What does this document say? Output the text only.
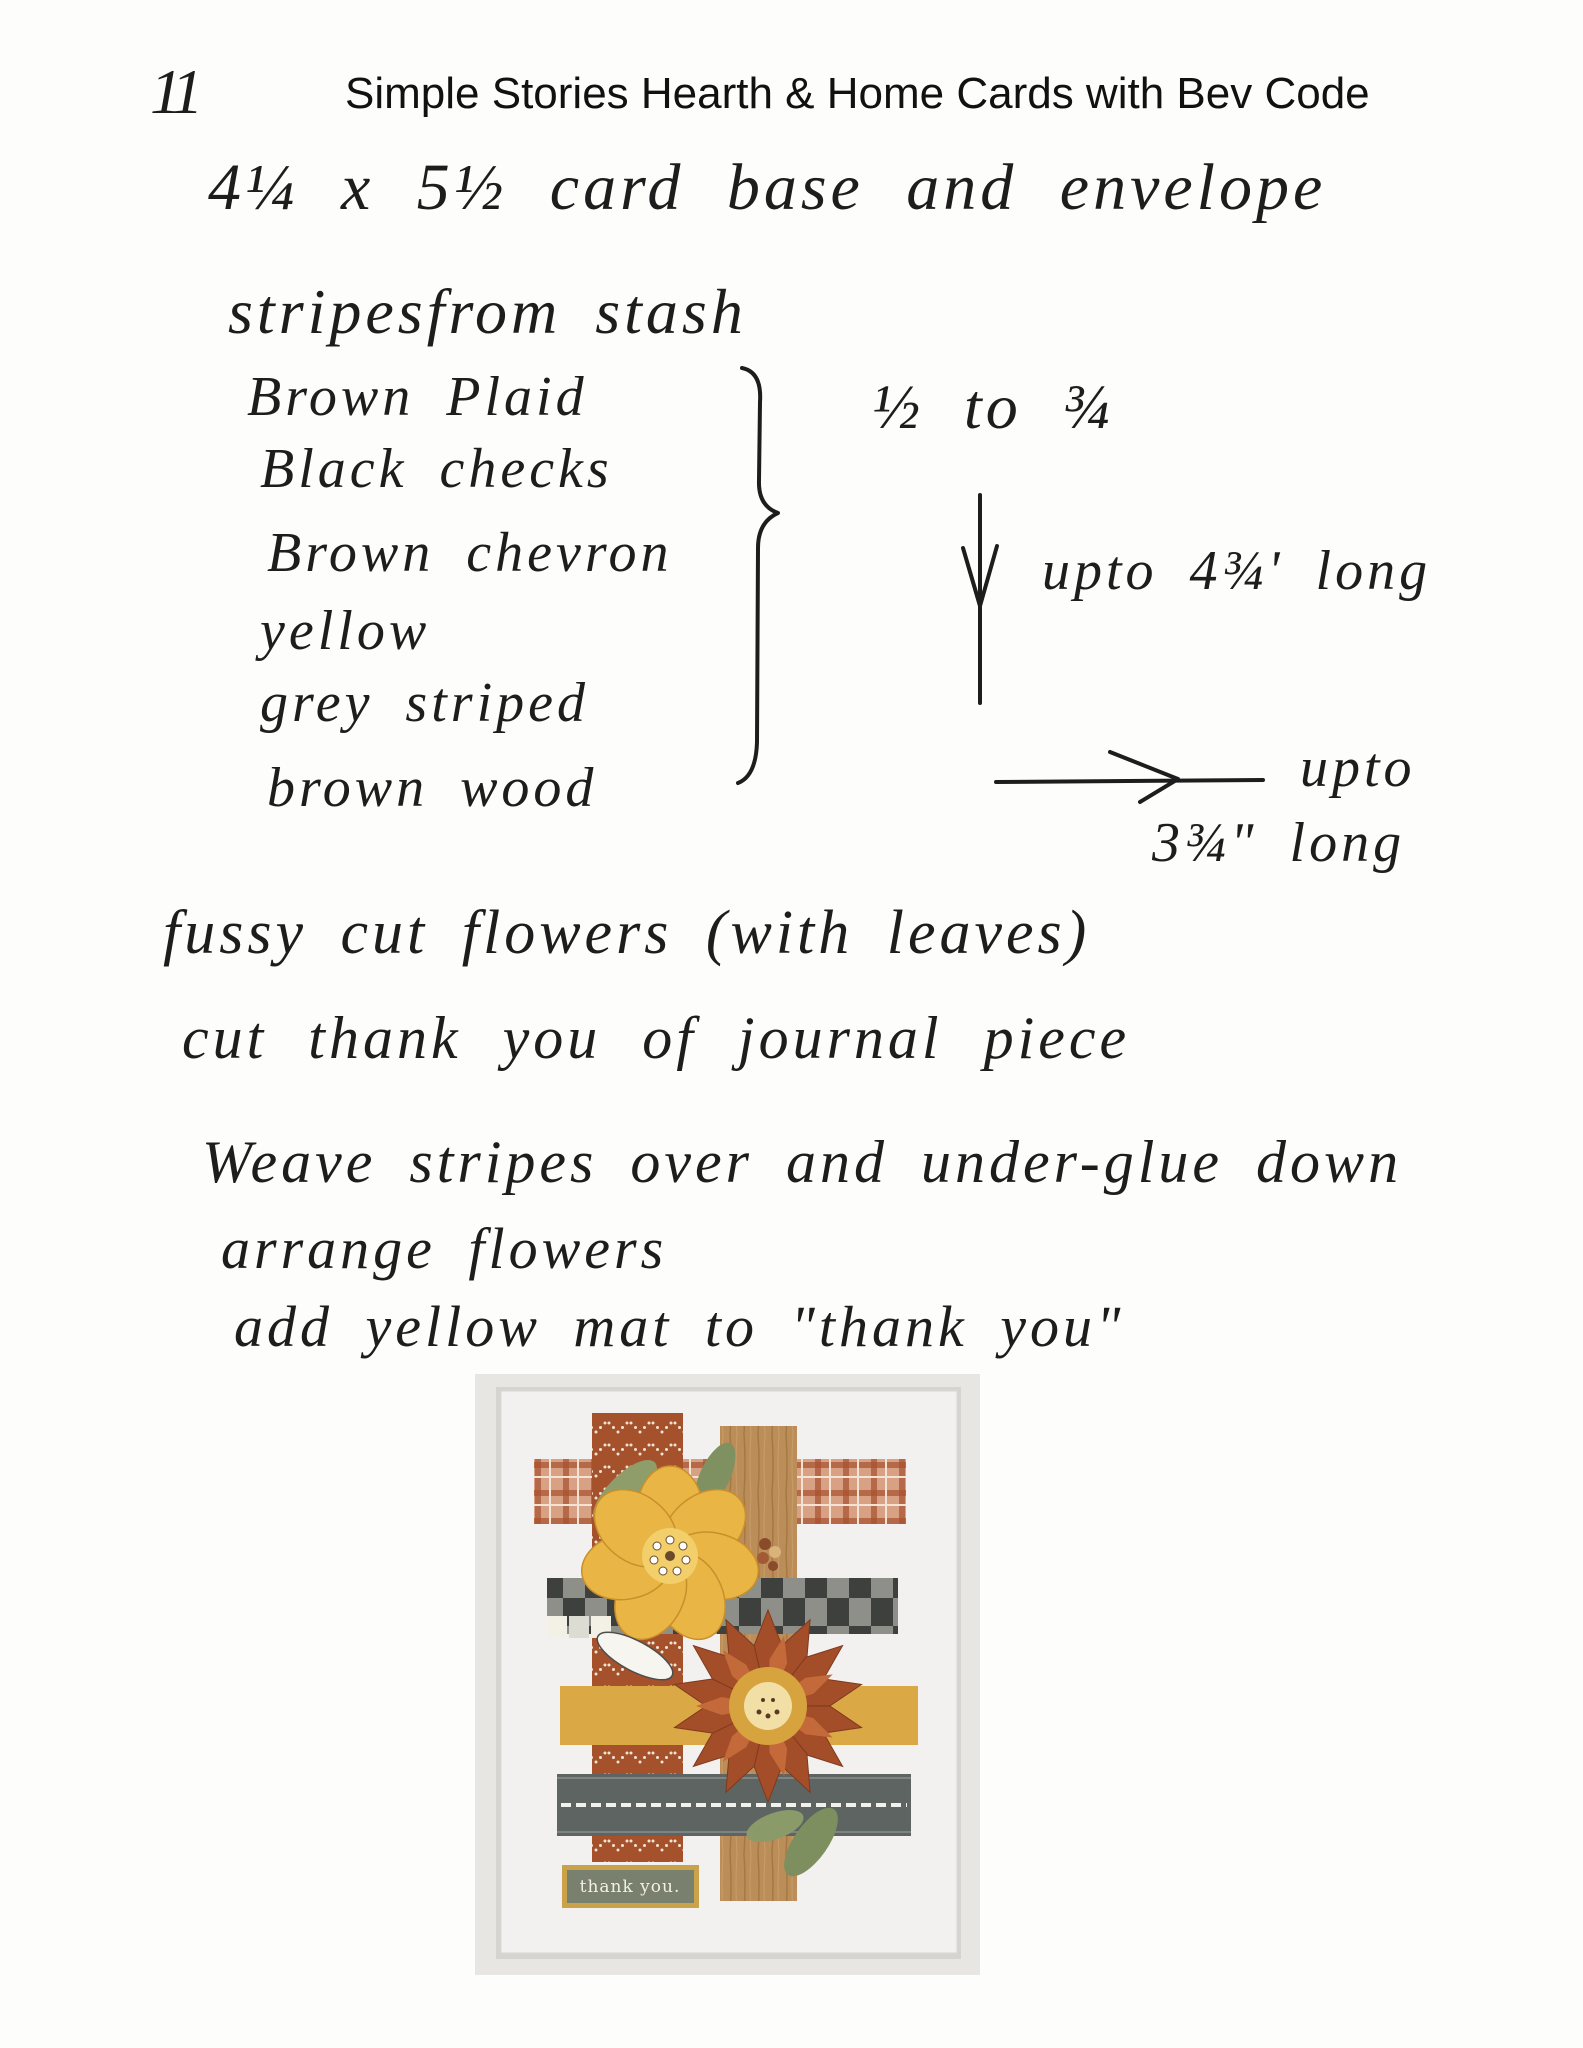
11	Simple Stories Hearth & Home Cards with Bev Code
4¼ x 5½ card base and envelope
stripesfrom stash
Brown Plaid
Black checks
Brown chevron
yellow
grey striped
brown wood
½ to ¾
upto 4¾' long
upto
3¾" long
fussy cut flowers (with leaves)
cut thank you of journal piece
Weave stripes over and under-glue down
arrange flowers
add yellow mat to "thank you"
thank you.
